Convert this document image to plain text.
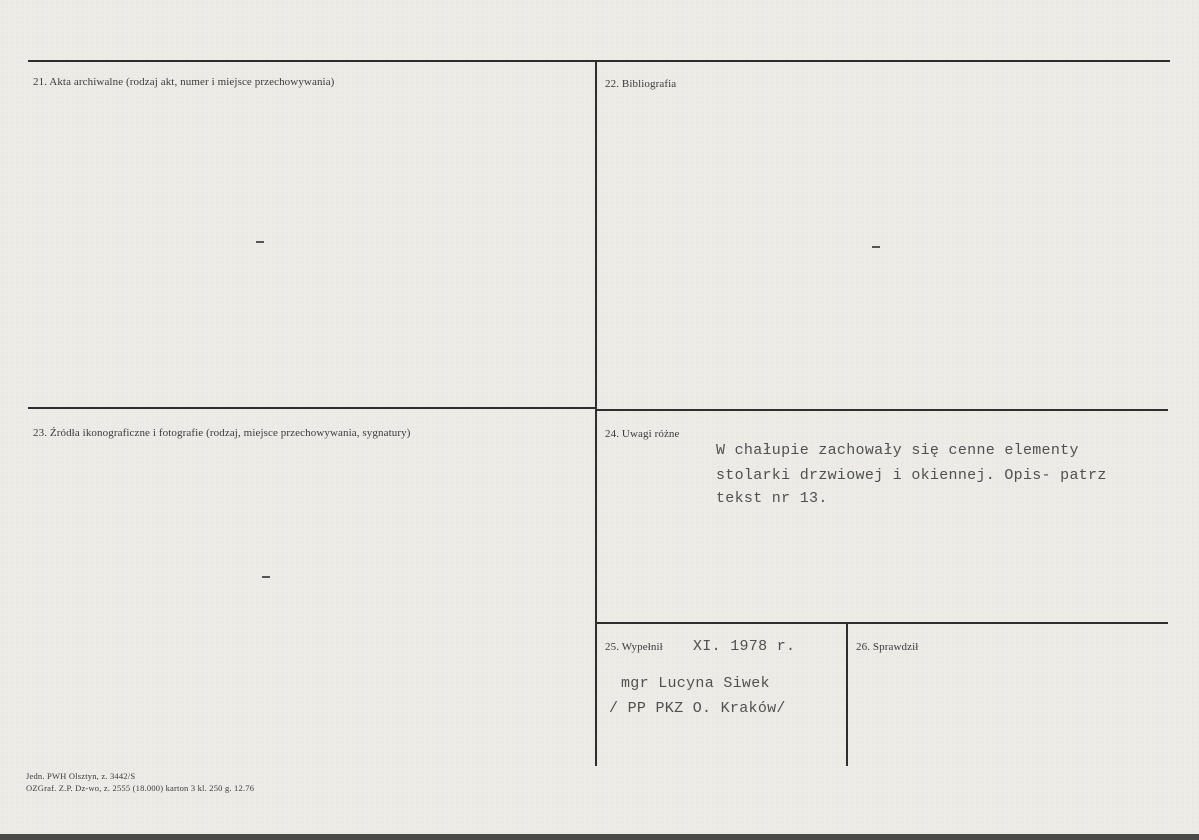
21. Akta archiwalne (rodzaj akt, numer i miejsce przechowywania)	22. Bibliografia
23. Źródła ikonograficzne i fotografie (rodzaj, miejsce przechowywania, sygnatury)	24. Uwagi różne
W chałupie zachowały się cenne elementy
stolarki drzwiowej i okiennej. Opis- patrz
tekst nr 13.
25. Wypełnił XI. 1978 r.
mgr Lucyna Siwek
/ PP PKZ O. Kraków/
26. Sprawdził
Jedn. PWH Olsztyn, z. 3442/S
OZGraf. Z.P. Dz-wo, z. 2555 (18.000) karton 3 kl. 250 g. 12.76
